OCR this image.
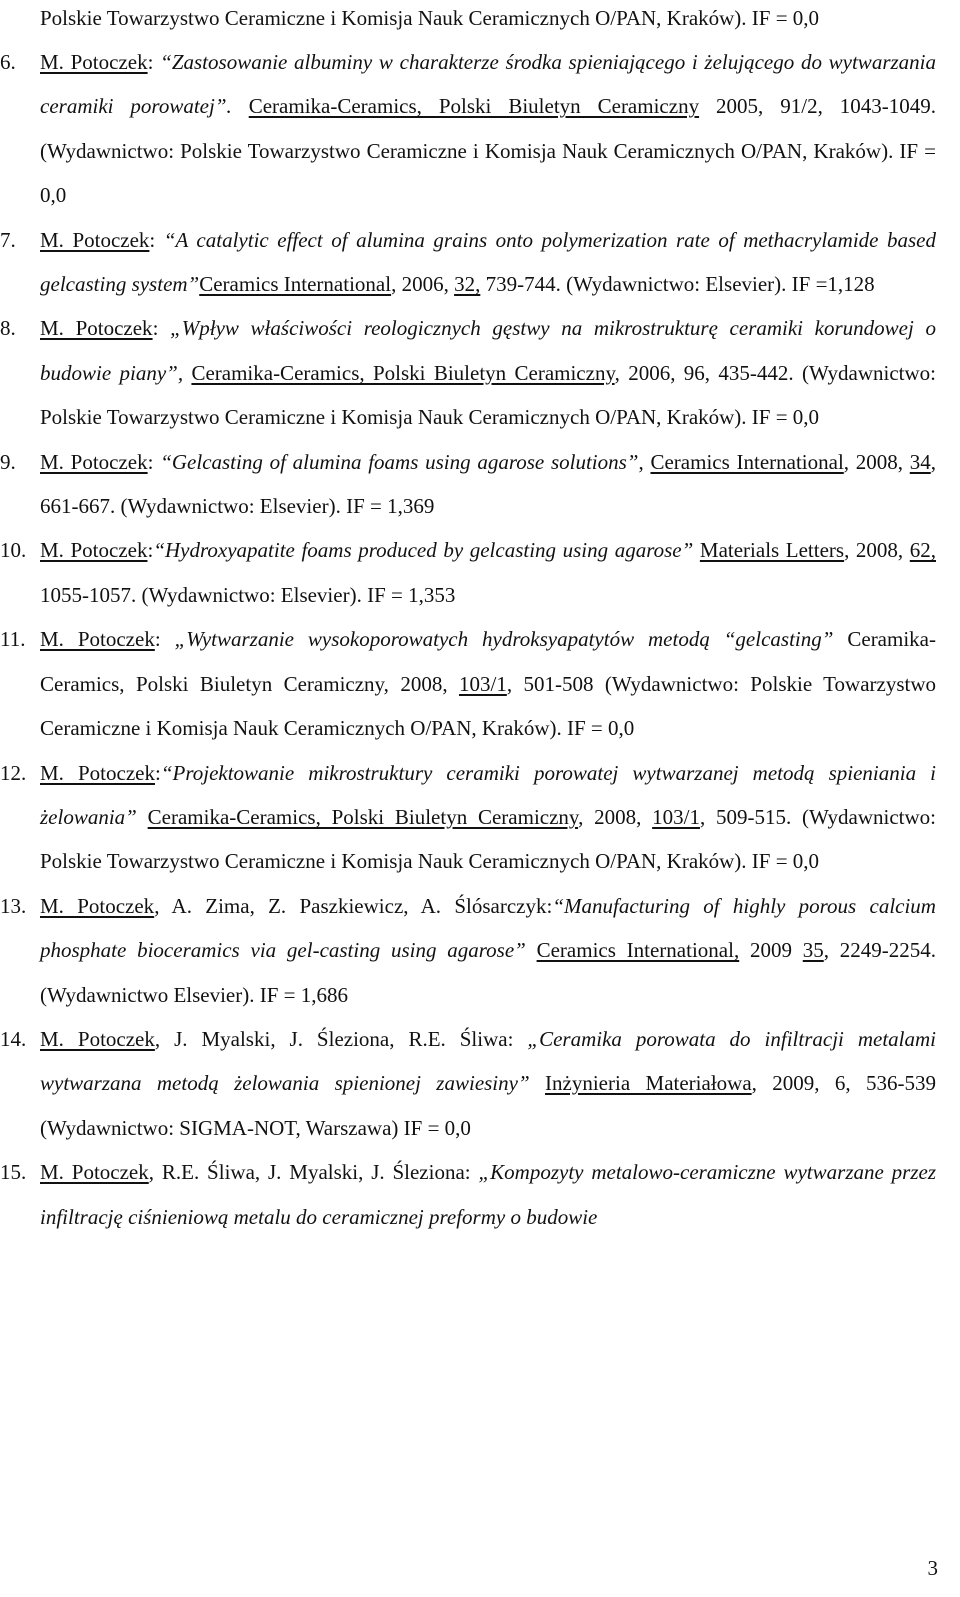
Polskie Towarzystwo Ceramiczne i Komisja Nauk Ceramicznych O/PAN, Kraków). IF = 0,0
6. M. Potoczek: “Zastosowanie albuminy w charakterze środka spieniającego i żelującego do wytwarzania ceramiki porowatej”. Ceramika-Ceramics, Polski Biuletyn Ceramiczny 2005, 91/2, 1043-1049. (Wydawnictwo: Polskie Towarzystwo Ceramiczne i Komisja Nauk Ceramicznych O/PAN, Kraków). IF = 0,0
7. M. Potoczek: “A catalytic effect of alumina grains onto polymerization rate of methacrylamide based gelcasting system”Ceramics International, 2006, 32, 739-744. (Wydawnictwo: Elsevier). IF =1,128
8. M. Potoczek: „Wpływ właściwości reologicznych gęstwy na mikrostrukturę ceramiki korundowej o budowie piany”, Ceramika-Ceramics, Polski Biuletyn Ceramiczny, 2006, 96, 435-442. (Wydawnictwo: Polskie Towarzystwo Ceramiczne i Komisja Nauk Ceramicznych O/PAN, Kraków). IF = 0,0
9. M. Potoczek: “Gelcasting of alumina foams using agarose solutions”, Ceramics International, 2008, 34, 661-667. (Wydawnictwo: Elsevier). IF = 1,369
10. M. Potoczek:“Hydroxyapatite foams produced by gelcasting using agarose” Materials Letters, 2008, 62, 1055-1057. (Wydawnictwo: Elsevier). IF = 1,353
11. M. Potoczek: „Wytwarzanie wysokoporowatych hydroksyapatytów metodą “gelcasting” Ceramika-Ceramics, Polski Biuletyn Ceramiczny, 2008, 103/1, 501-508 (Wydawnictwo: Polskie Towarzystwo Ceramiczne i Komisja Nauk Ceramicznych O/PAN, Kraków). IF = 0,0
12. M. Potoczek:“Projektowanie mikrostruktury ceramiki porowatej wytwarzanej metodą spieniania i żelowania” Ceramika-Ceramics, Polski Biuletyn Ceramiczny, 2008, 103/1, 509-515. (Wydawnictwo: Polskie Towarzystwo Ceramiczne i Komisja Nauk Ceramicznych O/PAN, Kraków). IF = 0,0
13. M. Potoczek, A. Zima, Z. Paszkiewicz, A. Ślósarczyk:“Manufacturing of highly porous calcium phosphate bioceramics via gel-casting using agarose” Ceramics International, 2009 35, 2249-2254. (Wydawnictwo Elsevier). IF = 1,686
14. M. Potoczek, J. Myalski, J. Śleziona, R.E. Śliwa: „Ceramika porowata do infiltracji metalami wytwarzana metodą żelowania spienionej zawiesiny” Inżynieria Materiałowa, 2009, 6, 536-539 (Wydawnictwo: SIGMA-NOT, Warszawa) IF = 0,0
15. M. Potoczek, R.E. Śliwa, J. Myalski, J. Śleziona: „Kompozyty metalowo-ceramiczne wytwarzane przez infiltrację ciśnieniową metalu do ceramicznej preformy o budowie
3
